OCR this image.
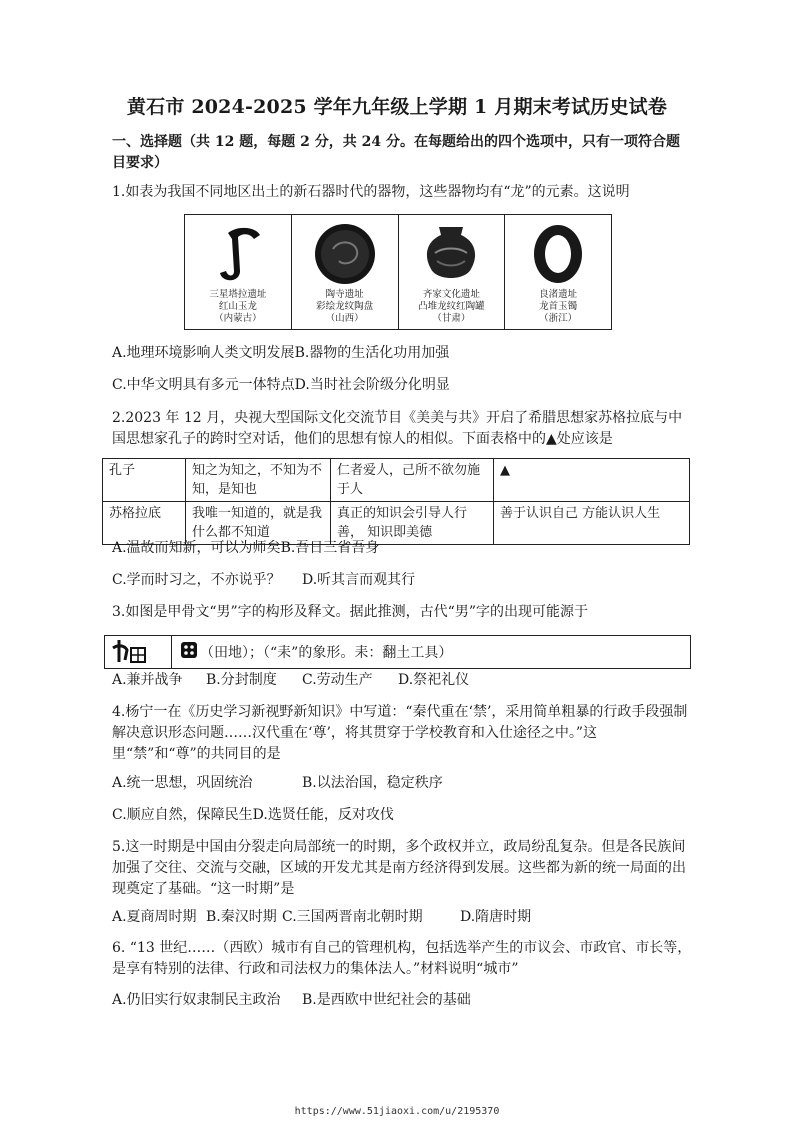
黄石市 2024-2025 学年九年级上学期 1 月期末考试历史试卷
一、选择题（共 12 题，每题 2 分，共 24 分。在每题给出的四个选项中，只有一项符合题目要求）
1.如表为我国不同地区出土的新石器时代的器物，这些器物均有“龙”的元素。这说明
三星塔拉遗址
红山玉龙
（内蒙古）
陶寺遗址
彩绘龙纹陶盘
（山西）
齐家文化遗址
凸堆龙纹红陶罐
（甘肃）
良渚遗址
龙首玉镯
（浙江）
A.地理环境影响人类文明发展B.器物的生活化功用加强
C.中华文明具有多元一体特点D.当时社会阶级分化明显
2.2023 年 12 月，央视大型国际文化交流节目《美美与共》开启了希腊思想家苏格拉底与中国思想家孔子的跨时空对话，他们的思想有惊人的相似。下面表格中的▲处应该是
孔子	知之为知之，不知为不知，是知也	仁者爱人，己所不欲勿施于人	▲
苏格拉底	我唯一知道的，就是我什么都不知道	真正的知识会引导人行善， 知识即美德	善于认识自己 方能认识人生
A.温故而知新，可以为师矣B.吾日三省吾身
C.学而时习之，不亦说乎？ D.听其言而观其行
3.如图是甲骨文“男”字的构形及释文。据此推测，古代“男”字的出现可能源于
（田地）；（“耒”的象形。耒：翻土工具）
A.兼并战争 B.分封制度 C.劳动生产 D.祭祀礼仪
4.杨宁一在《历史学习新视野新知识》中写道：“秦代重在‘禁’，采用简单粗暴的行政手段强制解决意识形态问题……汉代重在‘尊’，将其贯穿于学校教育和入仕途径之中。”这里“禁”和“尊”的共同目的是
A.统一思想，巩固统治	B.以法治国，稳定秩序
C.顺应自然，保障民生D.选贤任能，反对攻伐
5.这一时期是中国由分裂走向局部统一的时期，多个政权并立，政局纷乱复杂。但是各民族间加强了交往、交流与交融，区域的开发尤其是南方经济得到发展。这些都为新的统一局面的出现奠定了基础。“这一时期”是
A.夏商周时期 B.秦汉时期 C.三国两晋南北朝时期	D.隋唐时期
6. “13 世纪……（西欧）城市有自己的管理机构，包括选举产生的市议会、市政官、市长等，是享有特别的法律、行政和司法权力的集体法人。”材料说明“城市”
A.仍旧实行奴隶制民主政治 B.是西欧中世纪社会的基础
https://www.51jiaoxi.com/u/2195370
